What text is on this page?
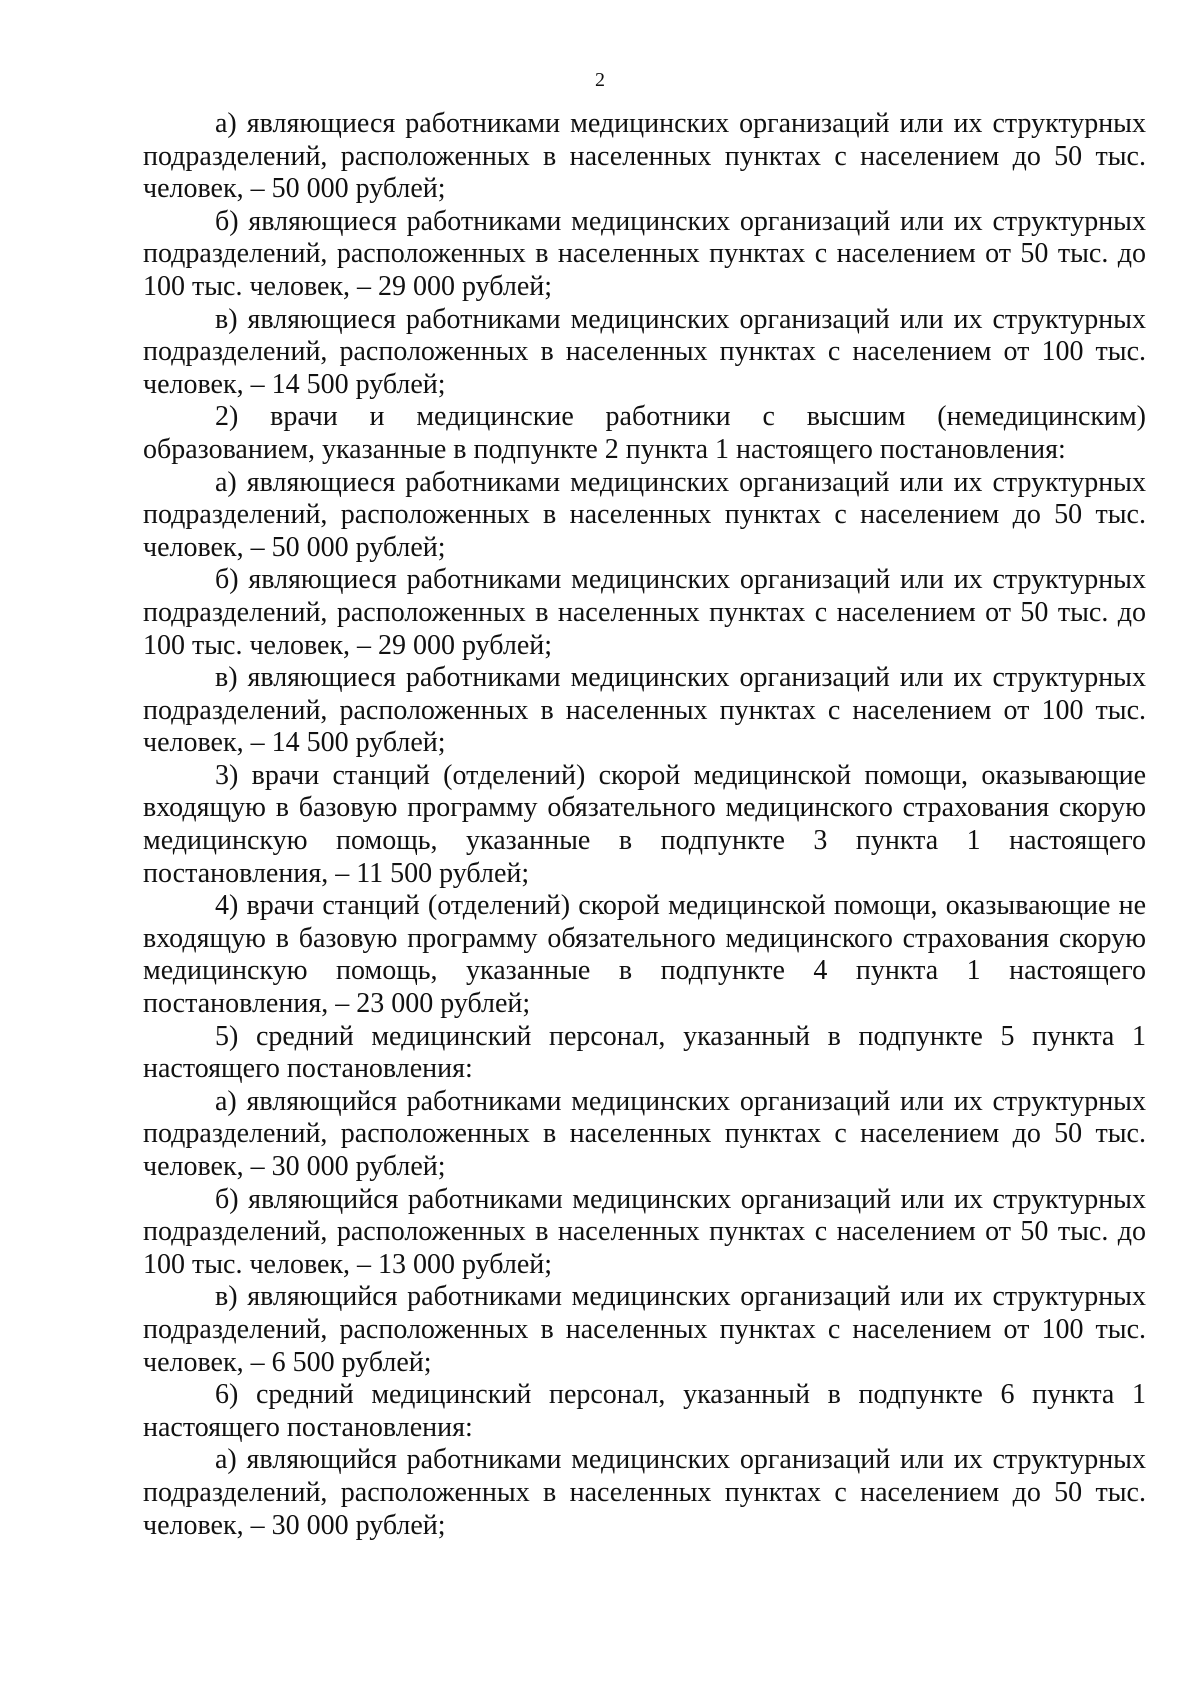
2

а) являющиеся работниками медицинских организаций или их структурных подразделений, расположенных в населенных пунктах с населением до 50 тыс. человек, – 50 000 рублей;

б) являющиеся работниками медицинских организаций или их структурных подразделений, расположенных в населенных пунктах с населением от 50 тыс. до 100 тыс. человек, – 29 000 рублей;

в) являющиеся работниками медицинских организаций или их структурных подразделений, расположенных в населенных пунктах с населением от 100 тыс. человек, – 14 500 рублей;

2) врачи и медицинские работники с высшим (немедицинским) образованием, указанные в подпункте 2 пункта 1 настоящего постановления:

а) являющиеся работниками медицинских организаций или их структурных подразделений, расположенных в населенных пунктах с населением до 50 тыс. человек, – 50 000 рублей;

б) являющиеся работниками медицинских организаций или их структурных подразделений, расположенных в населенных пунктах с населением от 50 тыс. до 100 тыс. человек, – 29 000 рублей;

в) являющиеся работниками медицинских организаций или их структурных подразделений, расположенных в населенных пунктах с населением от 100 тыс. человек, – 14 500 рублей;

3) врачи станций (отделений) скорой медицинской помощи, оказывающие входящую в базовую программу обязательного медицинского страхования скорую медицинскую помощь, указанные в подпункте 3 пункта 1 настоящего постановления, – 11 500 рублей;

4) врачи станций (отделений) скорой медицинской помощи, оказывающие не входящую в базовую программу обязательного медицинского страхования скорую медицинскую помощь, указанные в подпункте 4 пункта 1 настоящего постановления, – 23 000 рублей;

5) средний медицинский персонал, указанный в подпункте 5 пункта 1 настоящего постановления:

а) являющийся работниками медицинских организаций или их структурных подразделений, расположенных в населенных пунктах с населением до 50 тыс. человек, – 30 000 рублей;

б) являющийся работниками медицинских организаций или их структурных подразделений, расположенных в населенных пунктах с населением от 50 тыс. до 100 тыс. человек, – 13 000 рублей;

в) являющийся работниками медицинских организаций или их структурных подразделений, расположенных в населенных пунктах с населением от 100 тыс. человек, – 6 500 рублей;

6) средний медицинский персонал, указанный в подпункте 6 пункта 1 настоящего постановления:

а) являющийся работниками медицинских организаций или их структурных подразделений, расположенных в населенных пунктах с населением до 50 тыс. человек, – 30 000 рублей;
